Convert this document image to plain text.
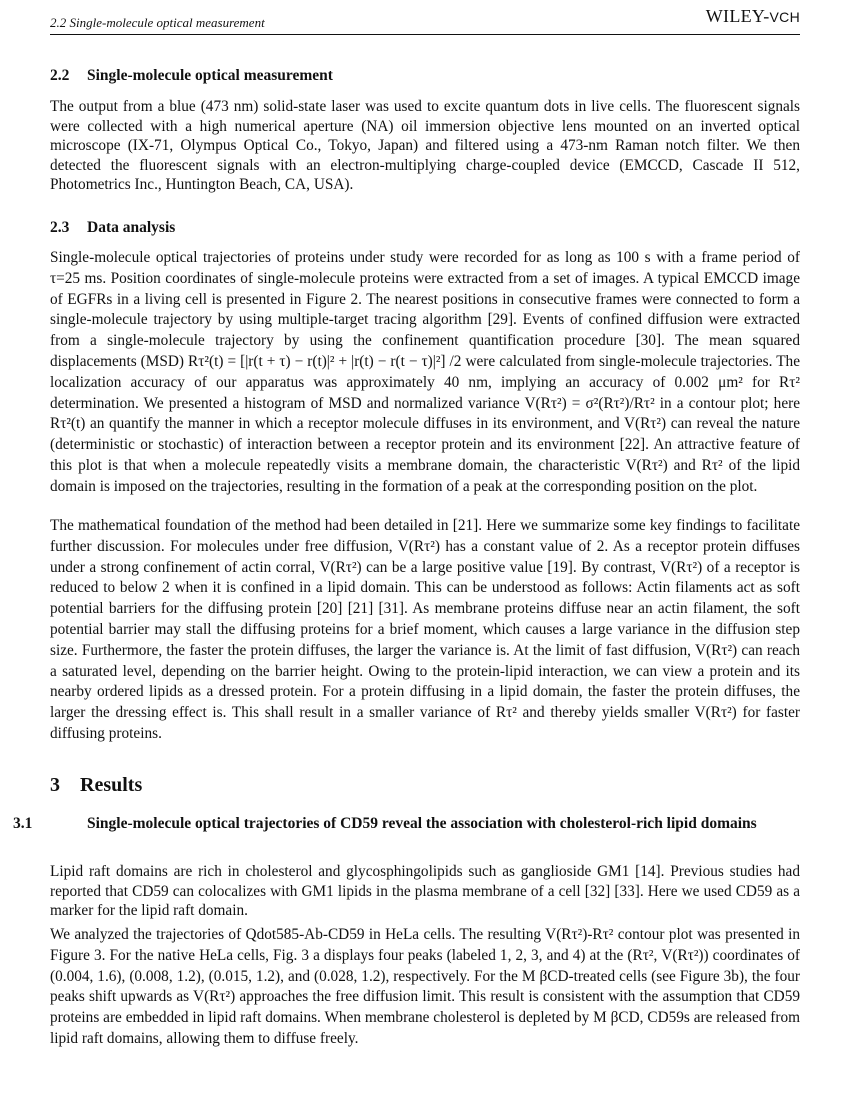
2.2 Single-molecule optical measurement	WILEY-VCH
2.2 Single-molecule optical measurement

The output from a blue (473 nm) solid-state laser was used to excite quantum dots in live cells. The fluorescent signals were collected with a high numerical aperture (NA) oil immersion objective lens mounted on an inverted optical microscope (IX-71, Olympus Optical Co., Tokyo, Japan) and filtered using a 473-nm Raman notch filter. We then detected the fluorescent signals with an electron-multiplying charge-coupled device (EMCCD, Cascade II 512, Photometrics Inc., Huntington Beach, CA, USA).

2.3 Data analysis

Single-molecule optical trajectories of proteins under study were recorded for as long as 100 s with a frame period of τ=25 ms. Position coordinates of single-molecule proteins were extracted from a set of images. A typical EMCCD image of EGFRs in a living cell is presented in Figure 2. The nearest positions in consecutive frames were connected to form a single-molecule trajectory by using multiple-target tracing algorithm [29]. Events of confined diffusion were extracted from a single-molecule trajectory by using the confinement quantification procedure [30]. The mean squared displacements (MSD) Rτ²(t) = [|r(t + τ) − r(t)|² + |r(t) − r(t − τ)|²] /2 were calculated from single-molecule trajectories. The localization accuracy of our apparatus was approximately 40 nm, implying an accuracy of 0.002 μm² for Rτ² determination. We presented a histogram of MSD and normalized variance V(Rτ²) = σ²(Rτ²)/Rτ² in a contour plot; here Rτ²(t) an quantify the manner in which a receptor molecule diffuses in its environment, and V(Rτ²) can reveal the nature (deterministic or stochastic) of interaction between a receptor protein and its environment [22]. An attractive feature of this plot is that when a molecule repeatedly visits a membrane domain, the characteristic V(Rτ²) and Rτ² of the lipid domain is imposed on the trajectories, resulting in the formation of a peak at the corresponding position on the plot.

The mathematical foundation of the method had been detailed in [21]. Here we summarize some key findings to facilitate further discussion. For molecules under free diffusion, V(Rτ²) has a constant value of 2. As a receptor protein diffuses under a strong confinement of actin corral, V(Rτ²) can be a large positive value [19]. By contrast, V(Rτ²) of a receptor is reduced to below 2 when it is confined in a lipid domain. This can be understood as follows: Actin filaments act as soft potential barriers for the diffusing protein [20] [21] [31]. As membrane proteins diffuse near an actin filament, the soft potential barrier may stall the diffusing proteins for a brief moment, which causes a large variance in the diffusion step size. Furthermore, the faster the protein diffuses, the larger the variance is. At the limit of fast diffusion, V(Rτ²) can reach a saturated level, depending on the barrier height. Owing to the protein-lipid interaction, we can view a protein and its nearby ordered lipids as a dressed protein. For a protein diffusing in a lipid domain, the faster the protein diffuses, the larger the dressing effect is. This shall result in a smaller variance of Rτ² and thereby yields smaller V(Rτ²) for faster diffusing proteins.

3 Results
3.1	Single-molecule optical trajectories of CD59 reveal the association with cholesterol-rich lipid domains

Lipid raft domains are rich in cholesterol and glycosphingolipids such as ganglioside GM1 [14]. Previous studies had reported that CD59 can colocalizes with GM1 lipids in the plasma membrane of a cell [32] [33]. Here we used CD59 as a marker for the lipid raft domain.

We analyzed the trajectories of Qdot585-Ab-CD59 in HeLa cells. The resulting V(Rτ²)-Rτ² contour plot was presented in Figure 3. For the native HeLa cells, Fig. 3 a displays four peaks (labeled 1, 2, 3, and 4) at the (Rτ², V(Rτ²)) coordinates of (0.004, 1.6), (0.008, 1.2), (0.015, 1.2), and (0.028, 1.2), respectively. For the M βCD-treated cells (see Figure 3b), the four peaks shift upwards as V(Rτ²) approaches the free diffusion limit. This result is consistent with the assumption that CD59 proteins are embedded in lipid raft domains. When membrane cholesterol is depleted by M βCD, CD59s are released from lipid raft domains, allowing them to diffuse freely.
